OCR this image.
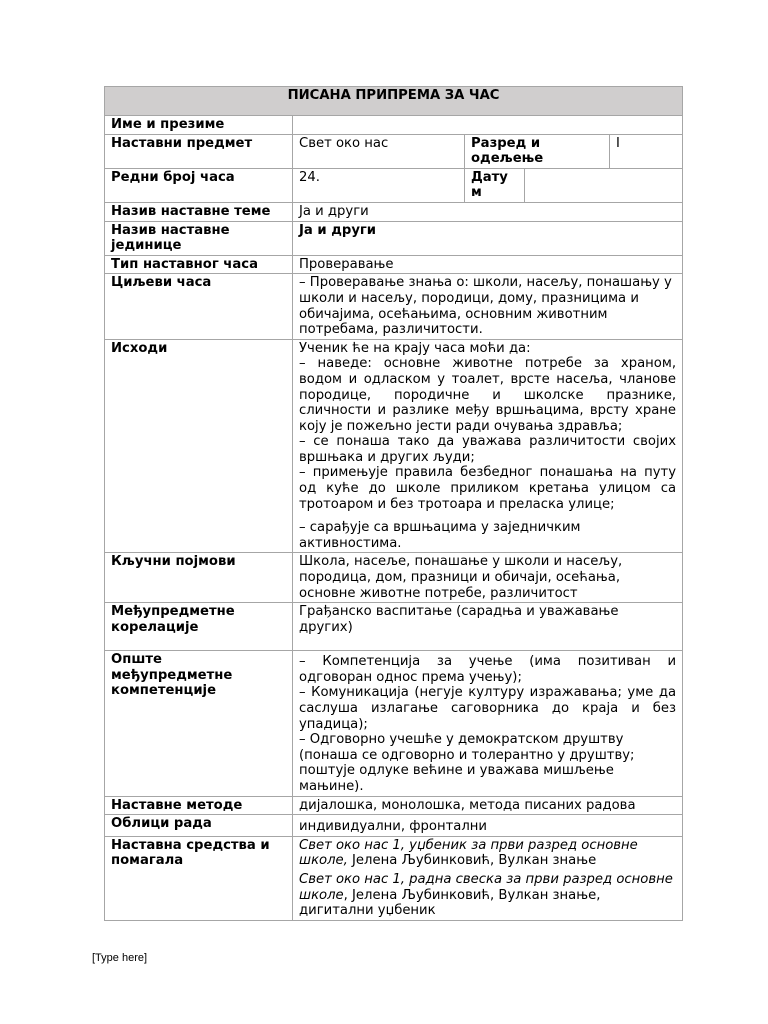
ПИСАНА ПРИПРЕМА ЗА ЧАС				
Име и презиме				
Наставни предмет	Свет око нас	Разред и одељење		I
Редни број часа	24.	Датум		
Назив наставне теме	Ја и други			
Назив наставне јединице	Ја и други			
Тип наставног часа	Проверавање			
Циљеви часа	– Проверавање знања о: школи, насељу, понашању у школи и насељу, породици, дому, празницима и обичајима, осећањима, основним животним потребама, различитости.			
Исходи	Ученик ће на крају часа моћи да:

– наведе: основне животне потребе за храном, водом и одласком у тоалет, врсте насеља, чланове породице, породичне и школске празнике, сличности и разлике међу вршњацима, врсту хране коју је пожељно јести ради очувања здравља;

– се понаша тако да уважава различитости својих вршњака и других људи;

– примењује правила безбедног понашања на путу од куће до школе приликом кретања улицом са тротоаром и без тротоара и преласка улице;

– сарађује са вршњацима у заједничким активностима.			

Кључни појмови	Школа, насеље, понашање у школи и насељу, породица, дом, празници и обичаји, осећања, основне животне потребе, различитост			
Међупредметне корелације	Грађанско васпитање (сарадња и уважавање других)			
Опште међупредметне компетенције	– Компетенција за учење (има позитиван и одговоран однос према учењу);

– Комуникација (негује културу изражавања; уме да саслуша излагање саговорника до краја и без упадица);

– Одговорно учешће у демократском друштву (понаша се одговорно и толерантно у друштву; поштује одлуке већине и уважава мишљење мањине).			

Наставне методе	дијалошка, монолошка, метода писаних радова			
Облици рада	индивидуални, фронтални			
Наставна средства и помагала	Свет око нас 1, уџбеник за први разред основне школе, Јелена Љубинковић, Вулкан знање

Свет око нас 1, радна свеска за први разред основне школе, Јелена Љубинковић, Вулкан знање, дигитални уџбеник			

[Type here]
